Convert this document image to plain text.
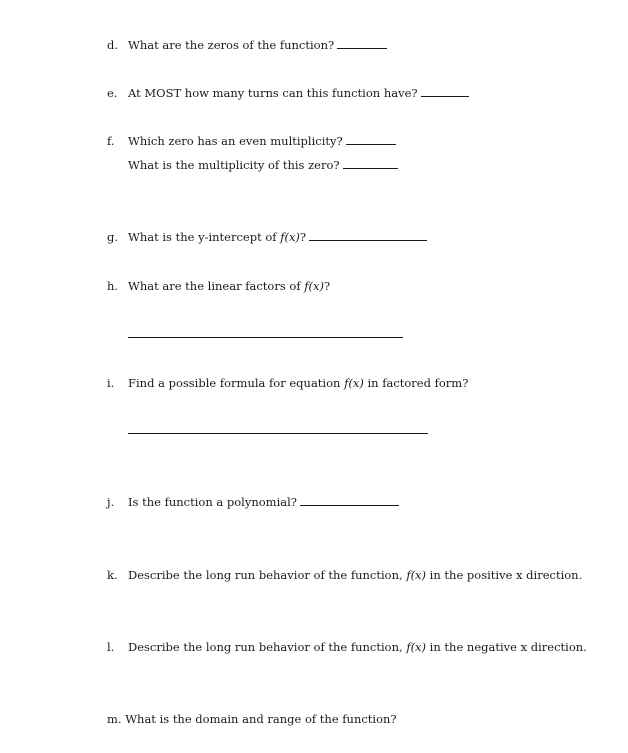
d. What are the zeros of the function?
e. At MOST how many turns can this function have?
f. Which zero has an even multiplicity?
What is the multiplicity of this zero?
g. What is the y-intercept of f(x)?
h. What are the linear factors of f(x)?
i. Find a possible formula for equation f(x) in factored form?
j. Is the function a polynomial?
k. Describe the long run behavior of the function, f(x) in the positive x direction.
l. Describe the long run behavior of the function, f(x) in the negative x direction.
m. What is the domain and range of the function?
